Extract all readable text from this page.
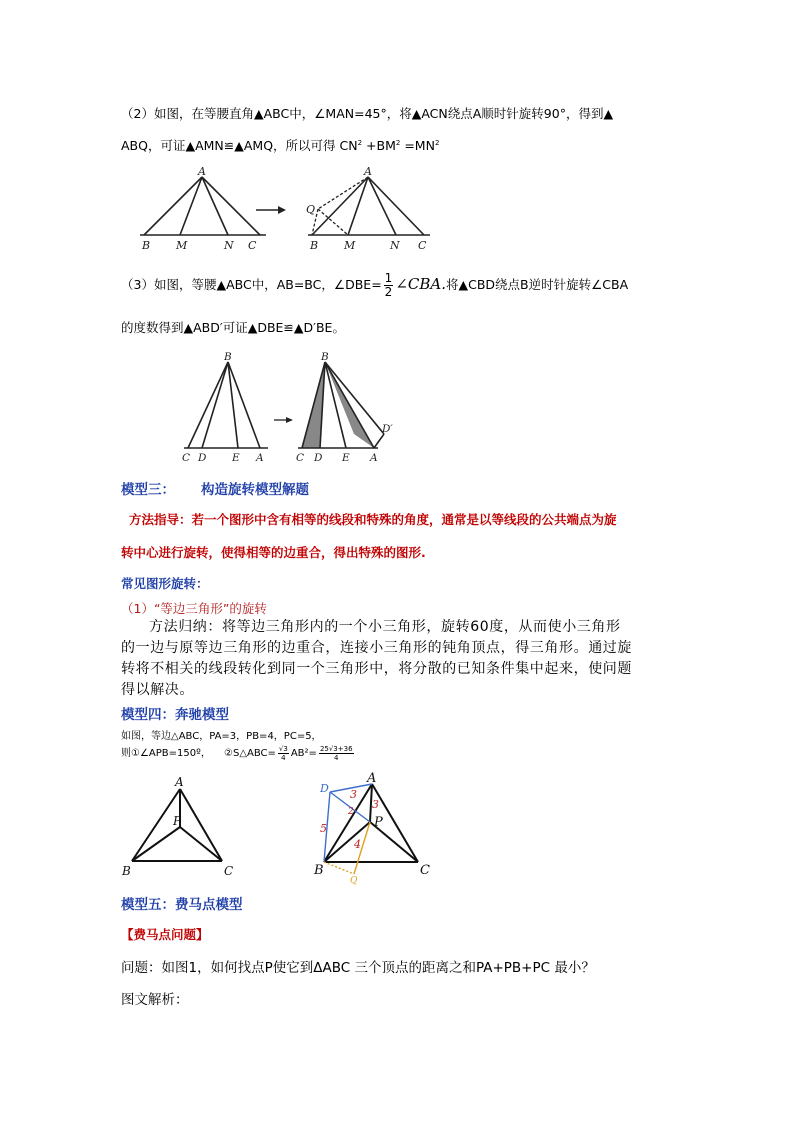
（2）如图，在等腰直角▲ABC中，∠MAN=45°，将▲ACN绕点A顺时针旋转90°，得到▲
ABQ，可证▲AMN≌▲AMQ，所以可得 $CN^2 +BM^2 =MN^2$
A
B M	N C
A
Q
B M	N C
（3）如图，等腰▲ABC中，AB=BC，∠DBE= $\frac{1}{2}$ ∠CBA.将▲CBD绕点B逆时针旋转∠CBA
的度数得到▲ABD′可证▲DBE≌▲D′BE。
B
C D E A
B
C D E A
D′
模型三： 构造旋转模型解题
方法指导：若一个图形中含有相等的线段和特殊的角度，通常是以等线段的公共端点为旋
转中心进行旋转，使得相等的边重合，得出特殊的图形.
常见图形旋转：
（1）“等边三角形”的旋转
方法归纳：将等边三角形内的一个小三角形，旋转60度，从而使小三角形
的一边与原等边三角形的边重合，连接小三角形的钝角顶点，得三角形。通过旋
转将不相关的线段转化到同一个三角形中，将分散的已知条件集中起来，使问题
得以解决。
模型四：奔驰模型
如图，等边△ABC，PA=3，PB=4，PC=5，
则①∠APB=150º， ②S△ABC= $\frac{√3}{4} AB^2= \frac{25√3+36}{4}$
A
B	C
P
A
B	C
P
D
Q
3
3
5
4
2
模型五：费马点模型
【费马点问题】
问题：如图1，如何找点P使它到ΔABC 三个顶点的距离之和PA+PB+PC 最小？
图文解析：
